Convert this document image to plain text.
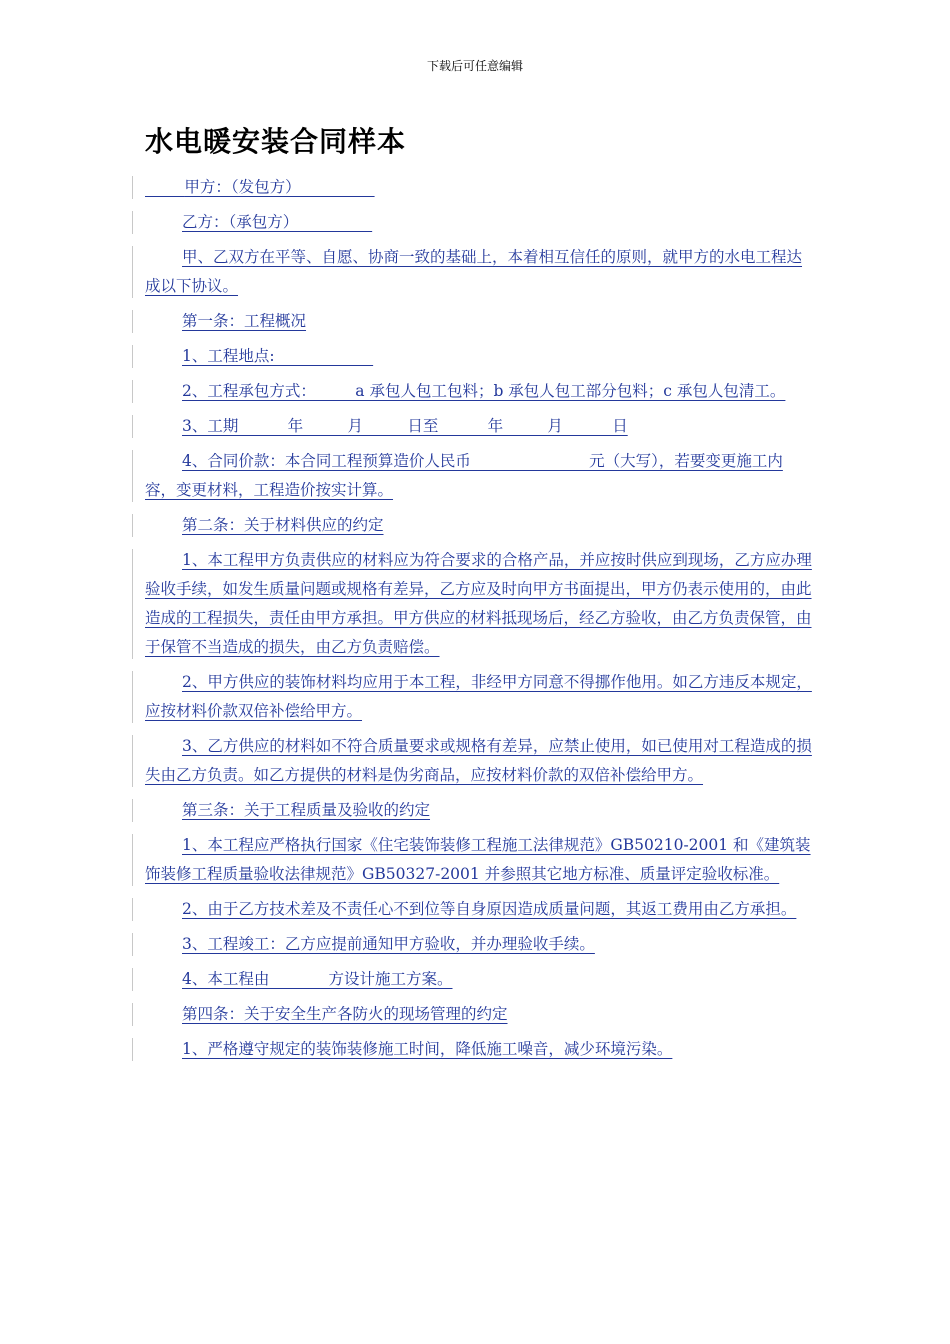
下载后可任意编辑
水电暖安装合同样本

甲方：（发包方）

乙方：（承包方）

甲、乙双方在平等、自愿、协商一致的基础上，本着相互信任的原则，就甲方的水电工程达成以下协议。

第一条：工程概况

1、工程地点:

2、工程承包方式：        a 承包人包工包料；b 承包人包工部分包料；c 承包人包清工。

3、工期          年         月         日至          年         月          日

4、合同价款：本合同工程预算造价人民币                        元（大写），若要变更施工内容，变更材料，工程造价按实计算。

第二条：关于材料供应的约定

1、本工程甲方负责供应的材料应为符合要求的合格产品，并应按时供应到现场，乙方应办理验收手续，如发生质量问题或规格有差异，乙方应及时向甲方书面提出，甲方仍表示使用的，由此造成的工程损失，责任由甲方承担。甲方供应的材料抵现场后，经乙方验收，由乙方负责保管，由于保管不当造成的损失，由乙方负责赔偿。

2、甲方供应的装饰材料均应用于本工程，非经甲方同意不得挪作他用。如乙方违反本规定，应按材料价款双倍补偿给甲方。

3、乙方供应的材料如不符合质量要求或规格有差异，应禁止使用，如已使用对工程造成的损失由乙方负责。如乙方提供的材料是伪劣商品，应按材料价款的双倍补偿给甲方。

第三条：关于工程质量及验收的约定

1、本工程应严格执行国家《住宅装饰装修工程施工法律规范》GB50210-2001 和《建筑装饰装修工程质量验收法律规范》GB50327-2001 并参照其它地方标准、质量评定验收标准。

2、由于乙方技术差及不责任心不到位等自身原因造成质量问题，其返工费用由乙方承担。

3、工程竣工：乙方应提前通知甲方验收，并办理验收手续。

4、本工程由            方设计施工方案。

第四条：关于安全生产各防火的现场管理的约定

1、严格遵守规定的装饰装修施工时间，降低施工噪音，减少环境污染。
